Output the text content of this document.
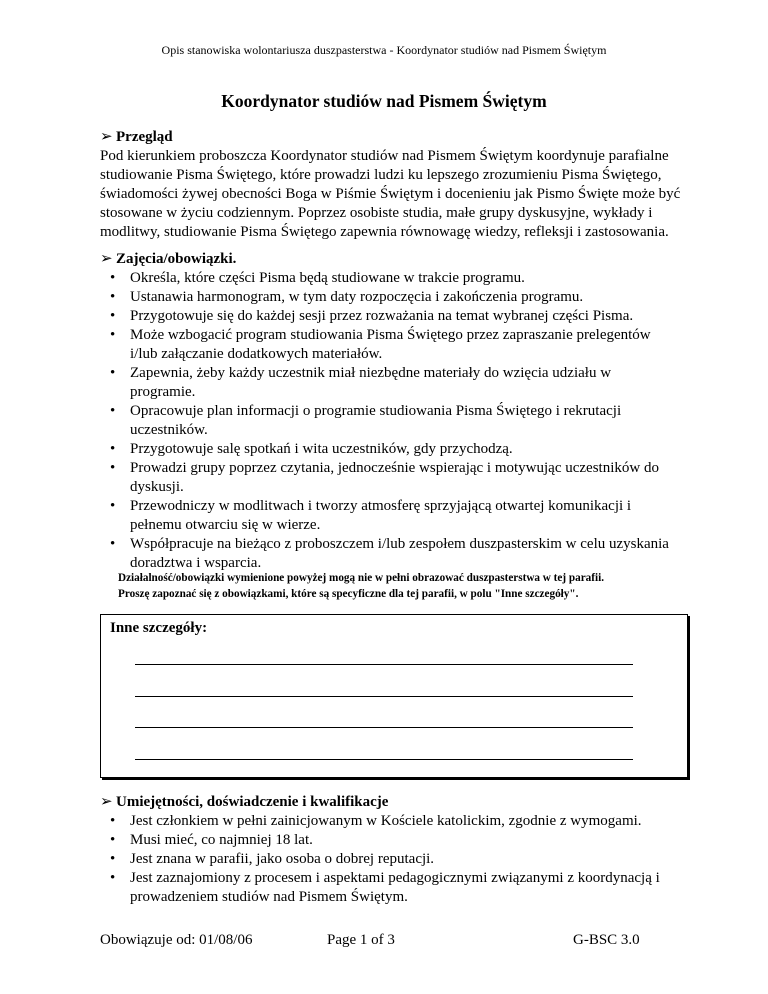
Opis stanowiska wolontariusza duszpasterstwa - Koordynator studiów nad Pismem Świętym
Koordynator studiów nad Pismem Świętym
➢ Przegląd
Pod kierunkiem proboszcza Koordynator studiów nad Pismem Świętym koordynuje parafialne
studiowanie Pisma Świętego, które prowadzi ludzi ku lepszego zrozumieniu Pisma Świętego,
świadomości żywej obecności Boga w Piśmie Świętym i docenieniu jak Pismo Święte może być
stosowane w życiu codziennym. Poprzez osobiste studia, małe grupy dyskusyjne, wykłady i
modlitwy, studiowanie Pisma Świętego zapewnia równowagę wiedzy, refleksji i zastosowania.
➢ Zajęcia/obowiązki.
• Określa, które części Pisma będą studiowane w trakcie programu.
• Ustanawia harmonogram, w tym daty rozpoczęcia i zakończenia programu.
• Przygotowuje się do każdej sesji przez rozważania na temat wybranej części Pisma.
• Może wzbogacić program studiowania Pisma Świętego przez zapraszanie prelegentów
i/lub załączanie dodatkowych materiałów.
• Zapewnia, żeby każdy uczestnik miał niezbędne materiały do wzięcia udziału w
programie.
• Opracowuje plan informacji o programie studiowania Pisma Świętego i rekrutacji
uczestników.
• Przygotowuje salę spotkań i wita uczestników, gdy przychodzą.
• Prowadzi grupy poprzez czytania, jednocześnie wspierając i motywując uczestników do
dyskusji.
• Przewodniczy w modlitwach i tworzy atmosferę sprzyjającą otwartej komunikacji i
pełnemu otwarciu się w wierze.
• Współpracuje na bieżąco z proboszczem i/lub zespołem duszpasterskim w celu uzyskania
doradztwa i wsparcia.
Działalność/obowiązki wymienione powyżej mogą nie w pełni obrazować duszpasterstwa w tej parafii.
Proszę zapoznać się z obowiązkami, które są specyficzne dla tej parafii, w polu "Inne szczegóły".
Inne szczegóły:
➢ Umiejętności, doświadczenie i kwalifikacje
• Jest członkiem w pełni zainicjowanym w Kościele katolickim, zgodnie z wymogami.
• Musi mieć, co najmniej 18 lat.
• Jest znana w parafii, jako osoba o dobrej reputacji.
• Jest zaznajomiony z procesem i aspektami pedagogicznymi związanymi z koordynacją i
prowadzeniem studiów nad Pismem Świętym.
Obowiązuje od: 01/08/06	Page 1 of 3	G-BSC 3.0
